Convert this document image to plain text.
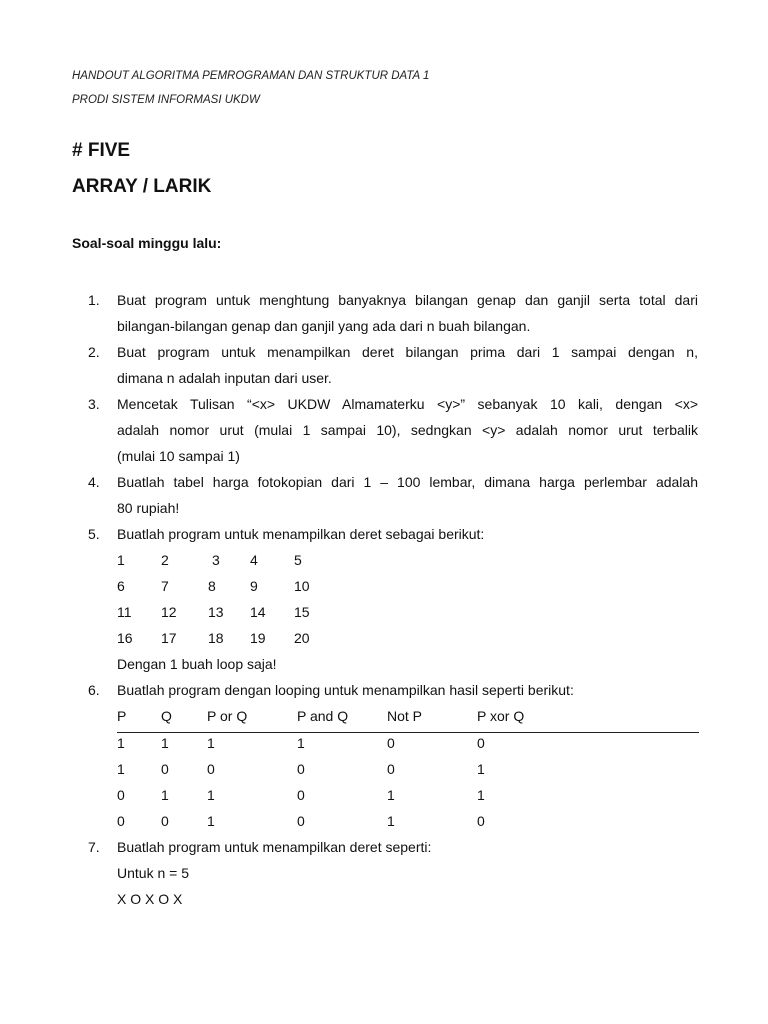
HANDOUT ALGORITMA PEMROGRAMAN DAN STRUKTUR DATA 1
PRODI SISTEM INFORMASI UKDW
# FIVE
ARRAY / LARIK
Soal-soal minggu lalu:
1.	Buat program untuk menghtung banyaknya bilangan genap dan ganjil serta total dari
bilangan-bilangan genap dan ganjil yang ada dari n buah bilangan.
2.	Buat program untuk menampilkan deret bilangan prima dari 1 sampai dengan n,
dimana n adalah inputan dari user.
3.	Mencetak Tulisan “<x> UKDW Almamaterku <y>” sebanyak 10 kali, dengan <x>
adalah nomor urut (mulai 1 sampai 10), sedngkan <y> adalah nomor urut terbalik
(mulai 10 sampai 1)
4.	Buatlah tabel harga fotokopian dari 1 – 100 lembar, dimana harga perlembar adalah
80 rupiah!
5.	Buatlah program untuk menampilkan deret sebagai berikut:
1	2	3	4	5
6	7	8	9	10
11	12	13	14	15
16	17	18	19	20
Dengan 1 buah loop saja!
6.	Buatlah program dengan looping untuk menampilkan hasil seperti berikut:
P	Q	P or Q	P and Q	Not P	P xor Q
1	1	1	1	0	0
1	0	0	0	0	1
0	1	1	0	1	1
0	0	1	0	1	0
7.	Buatlah program untuk menampilkan deret seperti:
Untuk n = 5
X O X O X
